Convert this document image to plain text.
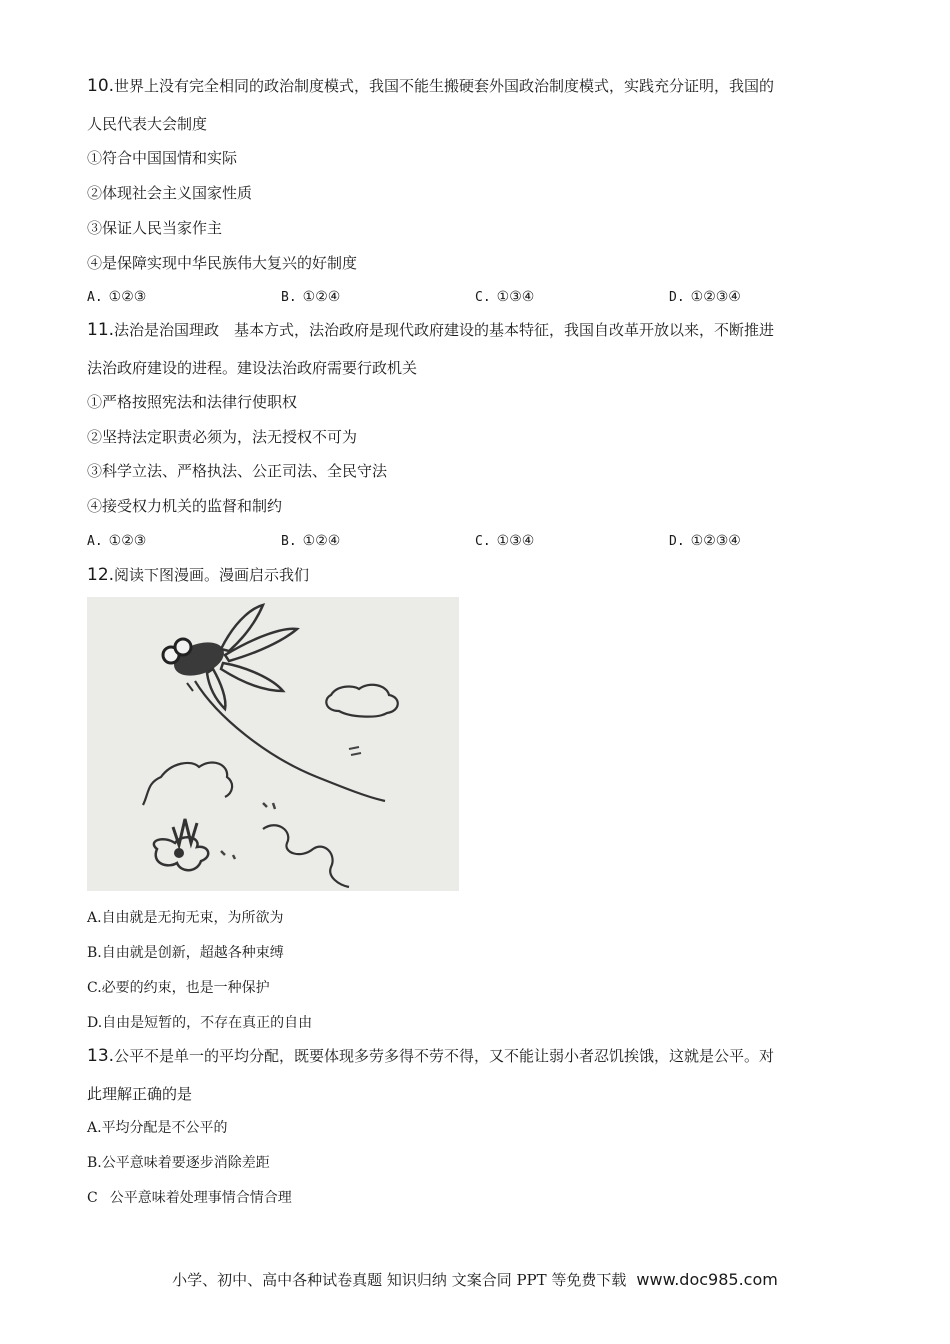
10.世界上没有完全相同的政治制度模式，我国不能生搬硬套外国政治制度模式，实践充分证明，我国的
人民代表大会制度
①符合中国国情和实际
②体现社会主义国家性质
③保证人民当家作主
④是保障实现中华民族伟大复兴的好制度
A. ①②③	B. ①②④	C. ①③④	D. ①②③④
11.法治是治国理政　基本方式，法治政府是现代政府建设的基本特征，我国自改革开放以来，不断推进
法治政府建设的进程。建设法治政府需要行政机关
①严格按照宪法和法律行使职权
②坚持法定职责必须为，法无授权不可为
③科学立法、严格执法、公正司法、全民守法
④接受权力机关的监督和制约
A. ①②③	B. ①②④	C. ①③④	D. ①②③④
12.阅读下图漫画。漫画启示我们
A.自由就是无拘无束，为所欲为
B.自由就是创新，超越各种束缚
C.必要的约束，也是一种保护
D.自由是短暂的，不存在真正的自由
13.公平不是单一的平均分配，既要体现多劳多得不劳不得，又不能让弱小者忍饥挨饿，这就是公平。对
此理解正确的是
A.平均分配是不公平的
B.公平意味着要逐步消除差距
C 公平意味着处理事情合情合理
小学、初中、高中各种试卷真题 知识归纳 文案合同 PPT 等免费下载 www.doc985.com
